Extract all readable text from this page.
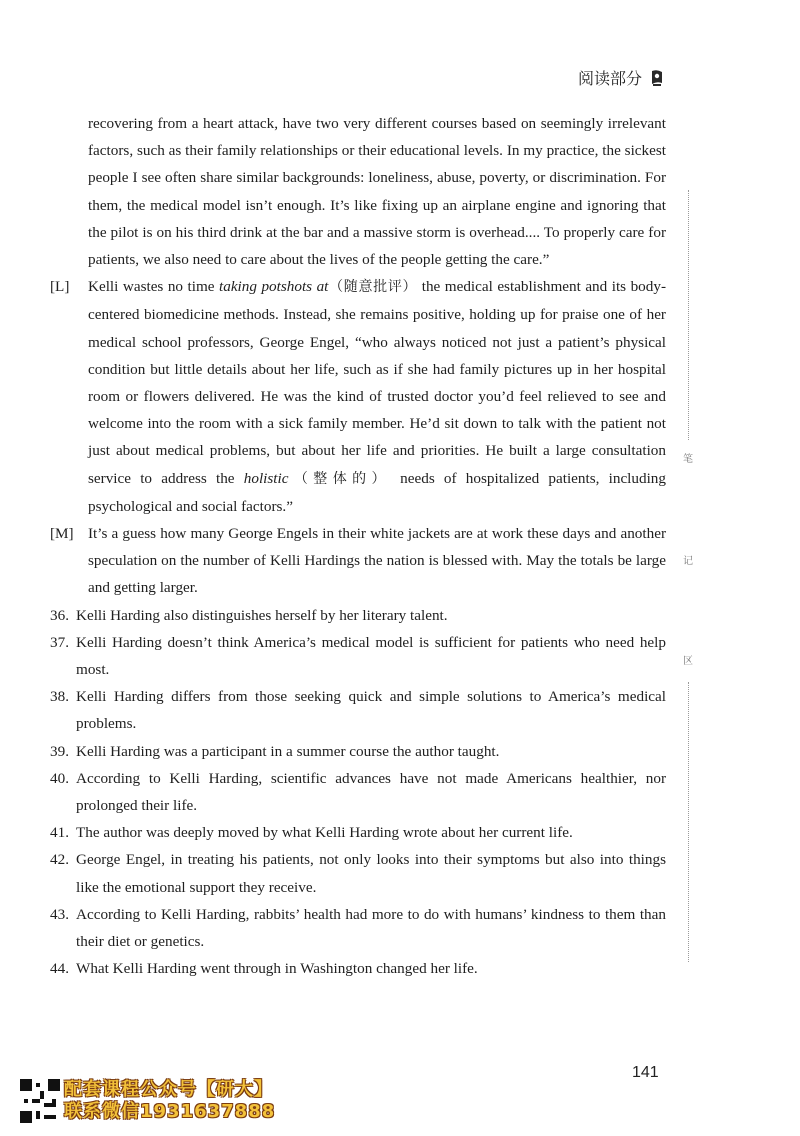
阅读部分

recovering from a heart attack, have two very different courses based on seemingly irrelevant factors, such as their family relationships or their educational levels. In my practice, the sickest people I see often share similar backgrounds: loneliness, abuse, poverty, or discrimination. For them, the medical model isn’t enough. It’s like fixing up an airplane engine and ignoring that the pilot is on his third drink at the bar and a massive storm is overhead.... To properly care for patients, we also need to care about the lives of the people getting the care.”

[L]	Kelli wastes no time taking potshots at（随意批评） the medical establishment and its body-centered biomedicine methods. Instead, she remains positive, holding up for praise one of her medical school professors, George Engel, “who always noticed not just a patient’s physical condition but little details about her life, such as if she had family pictures up in her hospital room or flowers delivered. He was the kind of trusted doctor you’d feel relieved to see and welcome into the room with a sick family member. He’d sit down to talk with the patient not just about medical problems, but about her life and priorities. He built a large consultation service to address the holistic（整体的） needs of hospitalized patients, including psychological and social factors.”

[M] It’s a guess how many George Engels in their white jackets are at work these days and another speculation on the number of Kelli Hardings the nation is blessed with. May the totals be large and getting larger.

36. Kelli Harding also distinguishes herself by her literary talent.

37. Kelli Harding doesn’t think America’s medical model is sufficient for patients who need help most.

38. Kelli Harding differs from those seeking quick and simple solutions to America’s medical problems.

39. Kelli Harding was a participant in a summer course the author taught.

40. According to Kelli Harding, scientific advances have not made Americans healthier, nor prolonged their life.

41. The author was deeply moved by what Kelli Harding wrote about her current life.

42. George Engel, in treating his patients, not only looks into their symptoms but also into things like the emotional support they receive.

43. According to Kelli Harding, rabbits’ health had more to do with humans’ kindness to them than their diet or genetics.

44. What Kelli Harding went through in Washington changed her life.

笔
记
区
141
配套课程公众号【研大】
联系微信1931637888
